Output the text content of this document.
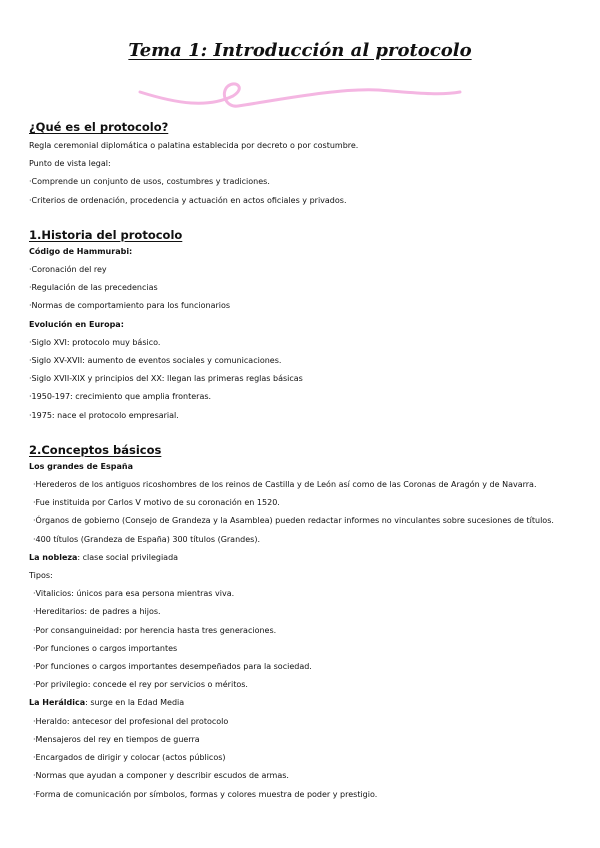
Tema 1: Introducción al protocolo
¿Qué es el protocolo?

Regla ceremonial diplomática o palatina establecida por decreto o por costumbre.

Punto de vista legal:

·Comprende un conjunto de usos, costumbres y tradiciones.

·Criterios de ordenación, procedencia y actuación en actos oficiales y privados.

1.Historia del protocolo

Código de Hammurabi:

·Coronación del rey

·Regulación de las precedencias

·Normas de comportamiento para los funcionarios

Evolución en Europa:

·Siglo XVI: protocolo muy básico.

·Siglo XV-XVII: aumento de eventos sociales y comunicaciones.

·Siglo XVII-XIX y principios del XX: llegan las primeras reglas básicas

·1950-197: crecimiento que amplia fronteras.

·1975: nace el protocolo empresarial.

2.Conceptos básicos

Los grandes de España

·Herederos de los antiguos ricoshombres de los reinos de Castilla y de León así como de las Coronas de Aragón y de Navarra.

·Fue instituida por Carlos V motivo de su coronación en 1520.

·Órganos de gobierno (Consejo de Grandeza y la Asamblea) pueden redactar informes no vinculantes sobre sucesiones de títulos.

·400 títulos (Grandeza de España) 300 títulos (Grandes).

La nobleza: clase social privilegiada

Tipos:

·Vitalicios: únicos para esa persona mientras viva.

·Hereditarios: de padres a hijos.

·Por consanguineidad: por herencia hasta tres generaciones.

·Por funciones o cargos importantes

·Por funciones o cargos importantes desempeñados para la sociedad.

·Por privilegio: concede el rey por servicios o méritos.

La Heráldica: surge en la Edad Media

·Heraldo: antecesor del profesional del protocolo

·Mensajeros del rey en tiempos de guerra

·Encargados de dirigir y colocar (actos públicos)

·Normas que ayudan a componer y describir escudos de armas.

·Forma de comunicación por símbolos, formas y colores muestra de poder y prestigio.
